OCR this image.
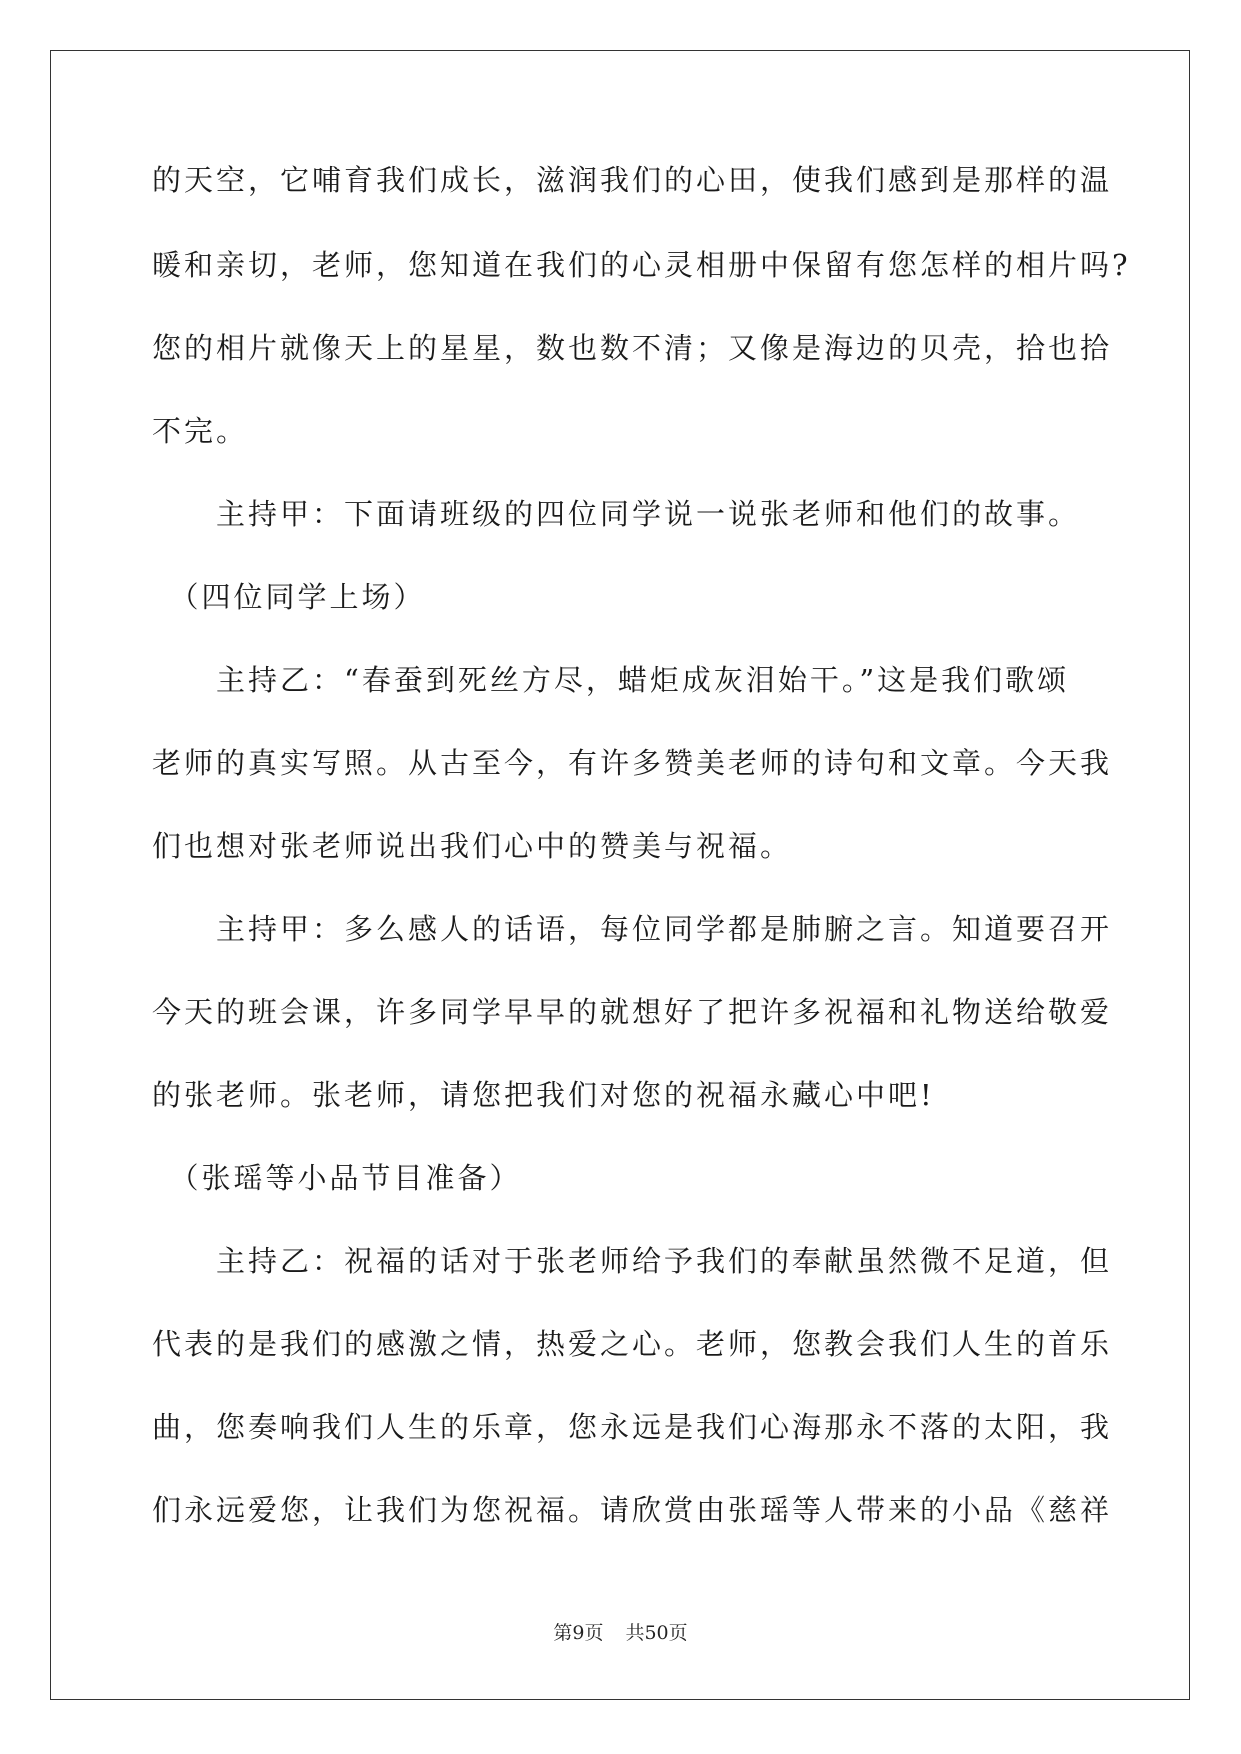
的天空，它哺育我们成长，滋润我们的心田，使我们感到是那样的温
暖和亲切，老师，您知道在我们的心灵相册中保留有您怎样的相片吗?
您的相片就像天上的星星，数也数不清；又像是海边的贝壳，拾也拾
不完。
　　主持甲：下面请班级的四位同学说一说张老师和他们的故事。
　（四位同学上场）
　　主持乙：“春蚕到死丝方尽，蜡炬成灰泪始干。”这是我们歌颂
老师的真实写照。从古至今，有许多赞美老师的诗句和文章。今天我
们也想对张老师说出我们心中的赞美与祝福。
　　主持甲：多么感人的话语，每位同学都是肺腑之言。知道要召开
今天的班会课，许多同学早早的就想好了把许多祝福和礼物送给敬爱
的张老师。张老师，请您把我们对您的祝福永藏心中吧!
　（张瑶等小品节目准备）
　　主持乙：祝福的话对于张老师给予我们的奉献虽然微不足道，但
代表的是我们的感激之情，热爱之心。老师，您教会我们人生的首乐
曲，您奏响我们人生的乐章，您永远是我们心海那永不落的太阳，我
们永远爱您，让我们为您祝福。请欣赏由张瑶等人带来的小品《慈祥
第9页 共50页
